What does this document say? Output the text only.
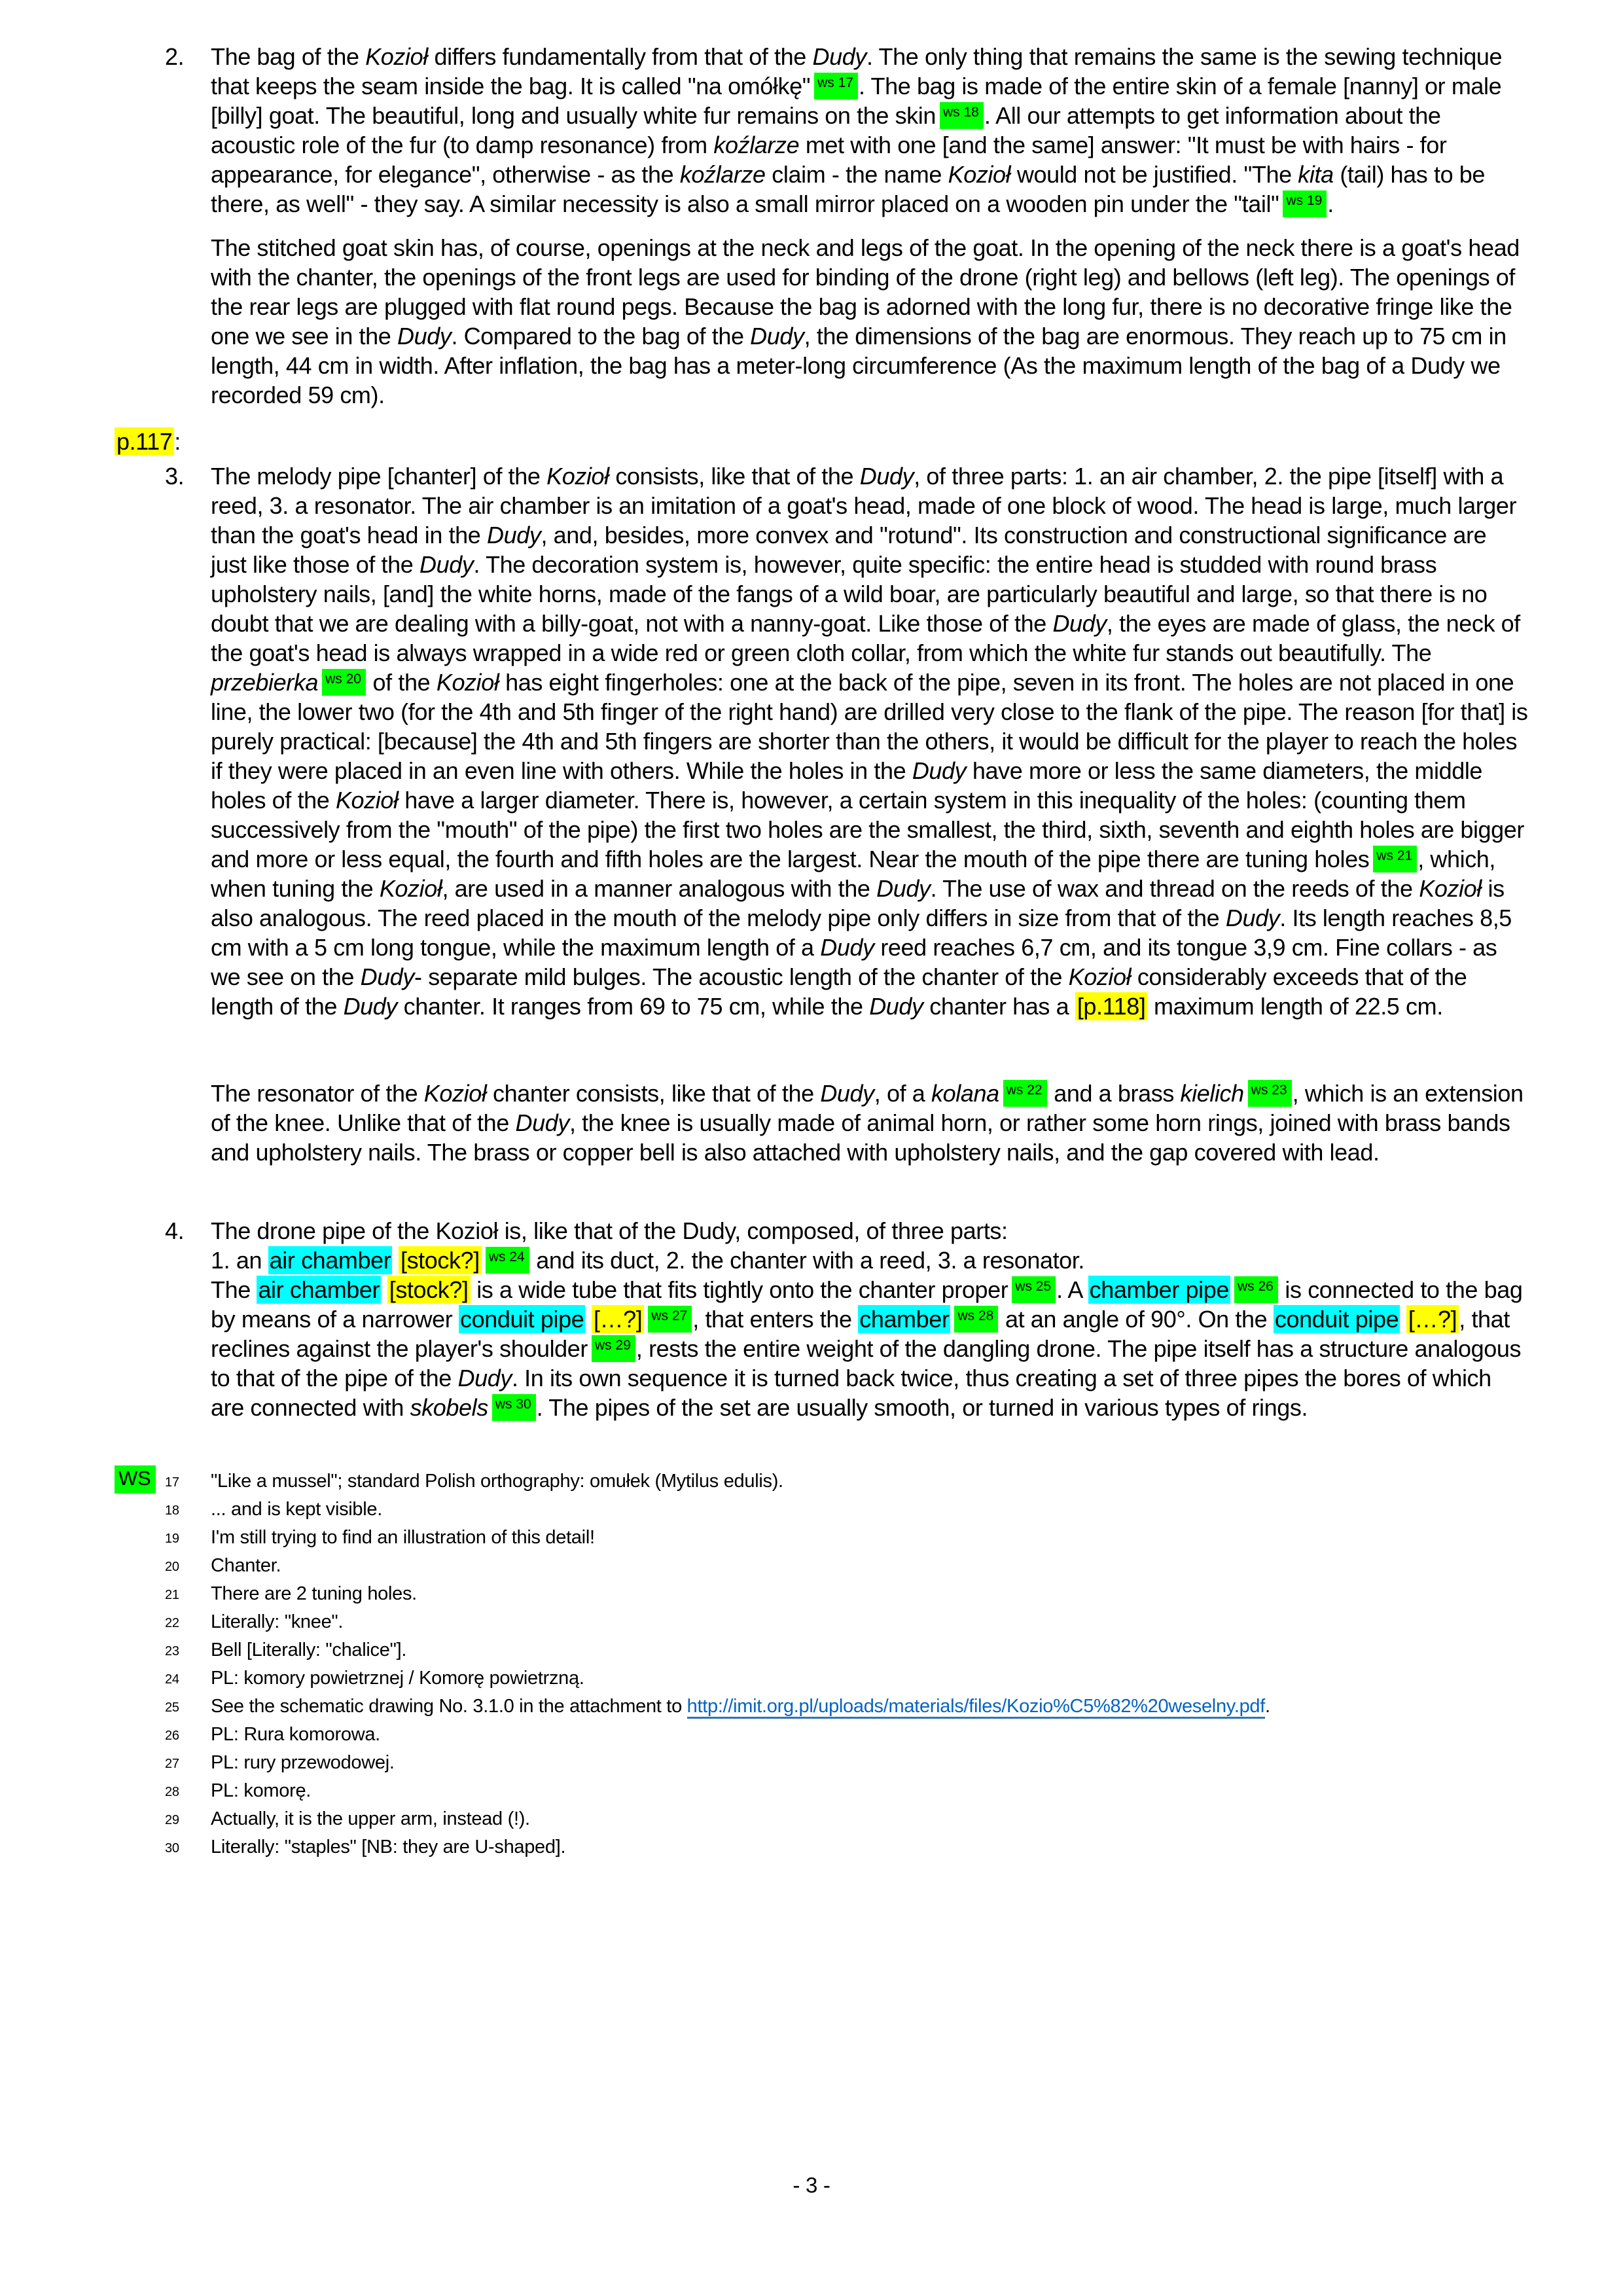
2.	The bag of the Kozioł differs fundamentally from that of the Dudy. The only thing that remains the same is the sewing technique that keeps the seam inside the bag. It is called "na omółkę" $^{ws 17}$ . The bag is made of the entire skin of a female [nanny] or male [billy] goat. The beautiful, long and usually white fur remains on the skin $^{ws 18}$ . All our attempts to get information about the acoustic role of the fur (to damp resonance) from koźlarze met with one [and the same] answer: "It must be with hairs - for appearance, for elegance", otherwise - as the koźlarze claim - the name Kozioł would not be justified. "The kita (tail) has to be there, as well" - they say. A similar necessity is also a small mirror placed on a wooden pin under the "tail" $^{ws 19}$ .
The stitched goat skin has, of course, openings at the neck and legs of the goat. In the opening of the neck there is a goat's head with the chanter, the openings of the front legs are used for binding of the drone (right leg) and bellows (left leg). The openings of the rear legs are plugged with flat round pegs. Because the bag is adorned with the long fur, there is no decorative fringe like the one we see in the Dudy. Compared to the bag of the Dudy, the dimensions of the bag are enormous. They reach up to 75 cm in length, 44 cm in width. After inflation, the bag has a meter-long circumference (As the maximum length of the bag of a Dudy we recorded 59 cm).
p.117:
3.	The melody pipe [chanter] of the Kozioł consists, like that of the Dudy, of three parts: 1. an air chamber, 2. the pipe [itself] with a reed, 3. a resonator. The air chamber is an imitation of a goat's head, made of one block of wood. The head is large, much larger than the goat's head in the Dudy, and, besides, more convex and "rotund". Its construction and constructional significance are just like those of the Dudy. The decoration system is, however, quite specific: the entire head is studded with round brass upholstery nails, [and] the white horns, made of the fangs of a wild boar, are particularly beautiful and large, so that there is no doubt that we are dealing with a billy-goat, not with a nanny-goat. Like those of the Dudy, the eyes are made of glass, the neck of the goat's head is always wrapped in a wide red or green cloth collar, from which the white fur stands out beautifully. The przebierka $^{ws 20}$ of the Kozioł has eight fingerholes: one at the back of the pipe, seven in its front. The holes are not placed in one line, the lower two (for the 4th and 5th finger of the right hand) are drilled very close to the flank of the pipe. The reason [for that] is purely practical: [because] the 4th and 5th fingers are shorter than the others, it would be difficult for the player to reach the holes if they were placed in an even line with others. While the holes in the Dudy have more or less the same diameters, the middle holes of the Kozioł have a larger diameter. There is, however, a certain system in this inequality of the holes: (counting them successively from the "mouth" of the pipe) the first two holes are the smallest, the third, sixth, seventh and eighth holes are bigger and more or less equal, the fourth and fifth holes are the largest. Near the mouth of the pipe there are tuning holes $^{ws 21}$ , which, when tuning the Kozioł, are used in a manner analogous with the Dudy. The use of wax and thread on the reeds of the Kozioł is also analogous. The reed placed in the mouth of the melody pipe only differs in size from that of the Dudy. Its length reaches 8,5 cm with a 5 cm long tongue, while the maximum length of a Dudy reed reaches 6,7 cm, and its tongue 3,9 cm. Fine collars - as we see on the Dudy- separate mild bulges. The acoustic length of the chanter of the Kozioł considerably exceeds that of the length of the Dudy chanter. It ranges from 69 to 75 cm, while the Dudy chanter has a [p.118] maximum length of 22.5 cm.
The resonator of the Kozioł chanter consists, like that of the Dudy, of a kolana $^{ws 22}$ and a brass kielich $^{ws 23}$ , which is an extension of the knee. Unlike that of the Dudy, the knee is usually made of animal horn, or rather some horn rings, joined with brass bands and upholstery nails. The brass or copper bell is also attached with upholstery nails, and the gap covered with lead.
4.	The drone pipe of the Kozioł is, like that of the Dudy, composed, of three parts:
1. an air chamber [stock?] $^{ws 24}$ and its duct, 2. the chanter with a reed, 3. a resonator.
The air chamber [stock?] is a wide tube that fits tightly onto the chanter proper $^{ws 25}$ . A chamber pipe $^{ws 26}$ is connected to the bag by means of a narrower conduit pipe […?] $^{ws 27}$ , that enters the chamber $^{ws 28}$ at an angle of 90°. On the conduit pipe […?], that reclines against the player's shoulder $^{ws 29}$ , rests the entire weight of the dangling drone. The pipe itself has a structure analogous to that of the pipe of the Dudy. In its own sequence it is turned back twice, thus creating a set of three pipes the bores of which are connected with skobels $^{ws 30}$ . The pipes of the set are usually smooth, or turned in various types of rings.
WS	17	"Like a mussel"; standard Polish orthography: omułek (Mytilus edulis).
18	... and is kept visible.
19	I'm still trying to find an illustration of this detail!
20	Chanter.
21	There are 2 tuning holes.
22	Literally: "knee".
23	Bell [Literally: "chalice"].
24	PL: komory powietrznej / Komorę powietrzną.
25	See the schematic drawing No. 3.1.0 in the attachment to http://imit.org.pl/uploads/materials/files/Kozio%C5%82%20weselny.pdf.
26	PL: Rura komorowa.
27	PL: rury przewodowej.
28	PL: komorę.
29	Actually, it is the upper arm, instead (!).
30	Literally: "staples" [NB: they are U-shaped].
- 3 -
